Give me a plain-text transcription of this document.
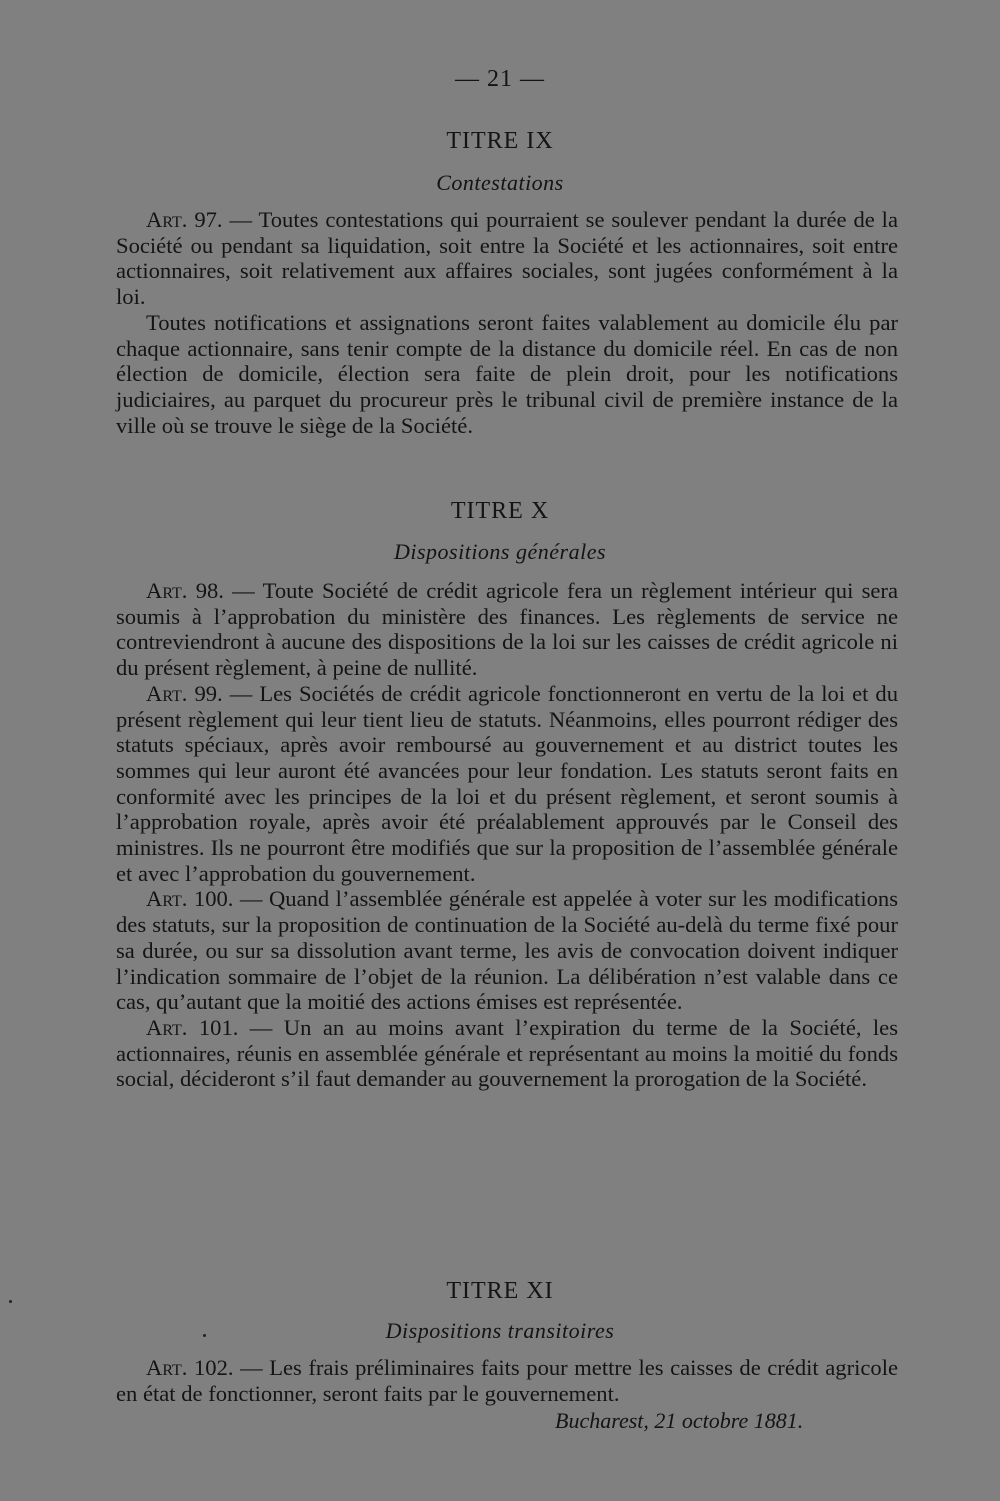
— 21 —
TITRE IX
Contestations

Art. 97. — Toutes contestations qui pourraient se soulever pendant la durée de la Société ou pendant sa liquidation, soit entre la Société et les actionnaires, soit entre actionnaires, soit relativement aux affaires sociales, sont jugées conformément à la loi.

Toutes notifications et assignations seront faites valablement au domicile élu par chaque actionnaire, sans tenir compte de la distance du domicile réel. En cas de non élection de domicile, élection sera faite de plein droit, pour les notifications judiciaires, au parquet du procureur près le tribunal civil de première instance de la ville où se trouve le siège de la Société.

TITRE X
Dispositions générales

Art. 98. — Toute Société de crédit agricole fera un règlement intérieur qui sera soumis à l’approbation du ministère des finances. Les règlements de service ne contreviendront à aucune des dispositions de la loi sur les caisses de crédit agricole ni du présent règlement, à peine de nullité.

Art. 99. — Les Sociétés de crédit agricole fonctionneront en vertu de la loi et du présent règlement qui leur tient lieu de statuts. Néanmoins, elles pourront rédiger des statuts spéciaux, après avoir remboursé au gouvernement et au district toutes les sommes qui leur auront été avancées pour leur fondation. Les statuts seront faits en conformité avec les principes de la loi et du présent règlement, et seront soumis à l’approbation royale, après avoir été préalablement approuvés par le Conseil des ministres. Ils ne pourront être modifiés que sur la proposition de l’assemblée générale et avec l’approbation du gouvernement.

Art. 100. — Quand l’assemblée générale est appelée à voter sur les modifications des statuts, sur la proposition de continuation de la Société au-delà du terme fixé pour sa durée, ou sur sa dissolution avant terme, les avis de convocation doivent indiquer l’indication sommaire de l’objet de la réunion. La délibération n’est valable dans ce cas, qu’autant que la moitié des actions émises est représentée.

Art. 101. — Un an au moins avant l’expiration du terme de la Société, les actionnaires, réunis en assemblée générale et représentant au moins la moitié du fonds social, décideront s’il faut demander au gouvernement la prorogation de la Société.

TITRE XI
Dispositions transitoires

Art. 102. — Les frais préliminaires faits pour mettre les caisses de crédit agricole en état de fonctionner, seront faits par le gouvernement.

Bucharest, 21 octobre 1881.
